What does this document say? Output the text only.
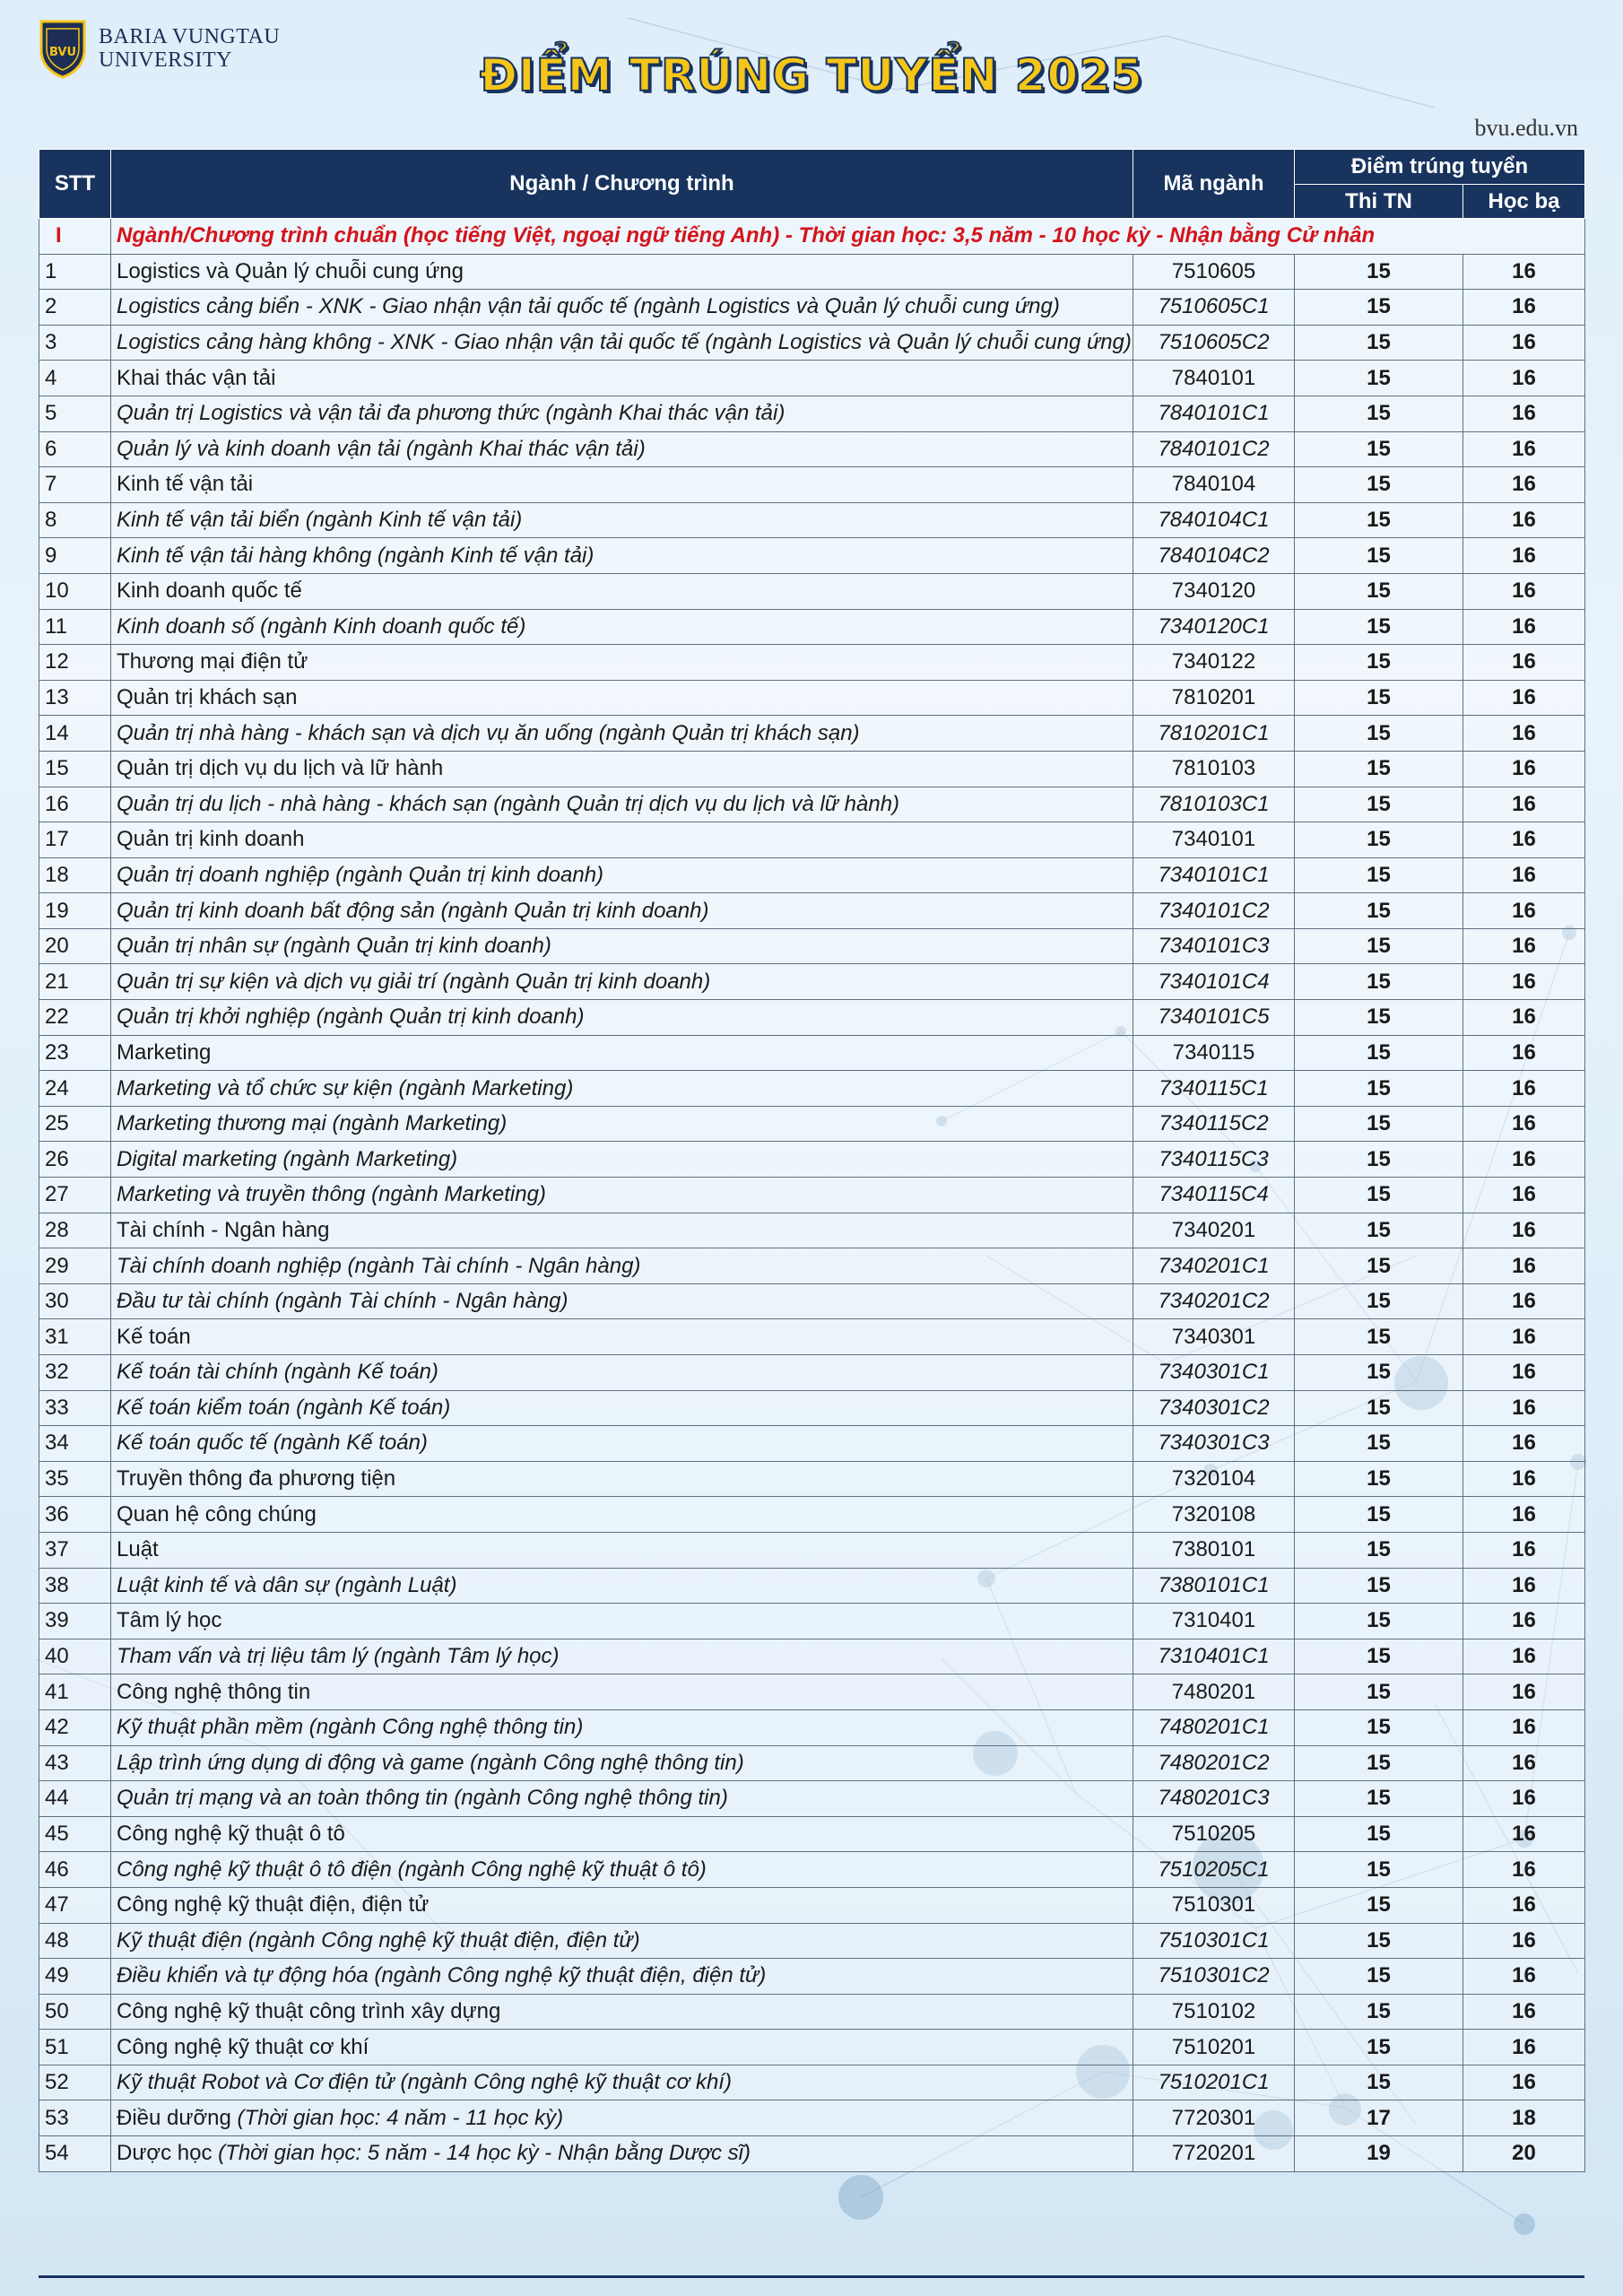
BVU
BARIA VUNGTAU
UNIVERSITY	ĐIỂM TRÚNG TUYỂN 2025
bvu.edu.vn
STT	Ngành / Chương trình	Mã ngành	Điểm trúng tuyển	
			Thi TN	Học bạ
I	Ngành/Chương trình chuẩn (học tiếng Việt, ngoại ngữ tiếng Anh) - Thời gian học: 3,5 năm - 10 học kỳ - Nhận bằng Cử nhân			
1	Logistics và Quản lý chuỗi cung ứng	7510605	15	16
2	Logistics cảng biển - XNK - Giao nhận vận tải quốc tế (ngành Logistics và Quản lý chuỗi cung ứng)	7510605C1	15	16
3	Logistics cảng hàng không - XNK - Giao nhận vận tải quốc tế (ngành Logistics và Quản lý chuỗi cung ứng)	7510605C2	15	16
4	Khai thác vận tải	7840101	15	16
5	Quản trị Logistics và vận tải đa phương thức (ngành Khai thác vận tải)	7840101C1	15	16
6	Quản lý và kinh doanh vận tải (ngành Khai thác vận tải)	7840101C2	15	16
7	Kinh tế vận tải	7840104	15	16
8	Kinh tế vận tải biển (ngành Kinh tế vận tải)	7840104C1	15	16
9	Kinh tế vận tải hàng không (ngành Kinh tế vận tải)	7840104C2	15	16
10	Kinh doanh quốc tế	7340120	15	16
11	Kinh doanh số (ngành Kinh doanh quốc tế)	7340120C1	15	16
12	Thương mại điện tử	7340122	15	16
13	Quản trị khách sạn	7810201	15	16
14	Quản trị nhà hàng - khách sạn và dịch vụ ăn uống (ngành Quản trị khách sạn)	7810201C1	15	16
15	Quản trị dịch vụ du lịch và lữ hành	7810103	15	16
16	Quản trị du lịch - nhà hàng - khách sạn (ngành Quản trị dịch vụ du lịch và lữ hành)	7810103C1	15	16
17	Quản trị kinh doanh	7340101	15	16
18	Quản trị doanh nghiệp (ngành Quản trị kinh doanh)	7340101C1	15	16
19	Quản trị kinh doanh bất động sản (ngành Quản trị kinh doanh)	7340101C2	15	16
20	Quản trị nhân sự (ngành Quản trị kinh doanh)	7340101C3	15	16
21	Quản trị sự kiện và dịch vụ giải trí (ngành Quản trị kinh doanh)	7340101C4	15	16
22	Quản trị khởi nghiệp (ngành Quản trị kinh doanh)	7340101C5	15	16
23	Marketing	7340115	15	16
24	Marketing và tổ chức sự kiện (ngành Marketing)	7340115C1	15	16
25	Marketing thương mại (ngành Marketing)	7340115C2	15	16
26	Digital marketing (ngành Marketing)	7340115C3	15	16
27	Marketing và truyền thông (ngành Marketing)	7340115C4	15	16
28	Tài chính - Ngân hàng	7340201	15	16
29	Tài chính doanh nghiệp (ngành Tài chính - Ngân hàng)	7340201C1	15	16
30	Đầu tư tài chính (ngành Tài chính - Ngân hàng)	7340201C2	15	16
31	Kế toán	7340301	15	16
32	Kế toán tài chính (ngành Kế toán)	7340301C1	15	16
33	Kế toán kiểm toán (ngành Kế toán)	7340301C2	15	16
34	Kế toán quốc tế (ngành Kế toán)	7340301C3	15	16
35	Truyền thông đa phương tiện	7320104	15	16
36	Quan hệ công chúng	7320108	15	16
37	Luật	7380101	15	16
38	Luật kinh tế và dân sự (ngành Luật)	7380101C1	15	16
39	Tâm lý học	7310401	15	16
40	Tham vấn và trị liệu tâm lý (ngành Tâm lý học)	7310401C1	15	16
41	Công nghệ thông tin	7480201	15	16
42	Kỹ thuật phần mềm (ngành Công nghệ thông tin)	7480201C1	15	16
43	Lập trình ứng dụng di động và game (ngành Công nghệ thông tin)	7480201C2	15	16
44	Quản trị mạng và an toàn thông tin (ngành Công nghệ thông tin)	7480201C3	15	16
45	Công nghệ kỹ thuật ô tô	7510205	15	16
46	Công nghệ kỹ thuật ô tô điện (ngành Công nghệ kỹ thuật ô tô)	7510205C1	15	16
47	Công nghệ kỹ thuật điện, điện tử	7510301	15	16
48	Kỹ thuật điện (ngành Công nghệ kỹ thuật điện, điện tử)	7510301C1	15	16
49	Điều khiển và tự động hóa (ngành Công nghệ kỹ thuật điện, điện tử)	7510301C2	15	16
50	Công nghệ kỹ thuật công trình xây dựng	7510102	15	16
51	Công nghệ kỹ thuật cơ khí	7510201	15	16
52	Kỹ thuật Robot và Cơ điện tử (ngành Công nghệ kỹ thuật cơ khí)	7510201C1	15	16
53	Điều dưỡng (Thời gian học: 4 năm - 11 học kỳ)	7720301	17	18
54	Dược học (Thời gian học: 5 năm - 14 học kỳ - Nhận bằng Dược sĩ)	7720201	19	20
